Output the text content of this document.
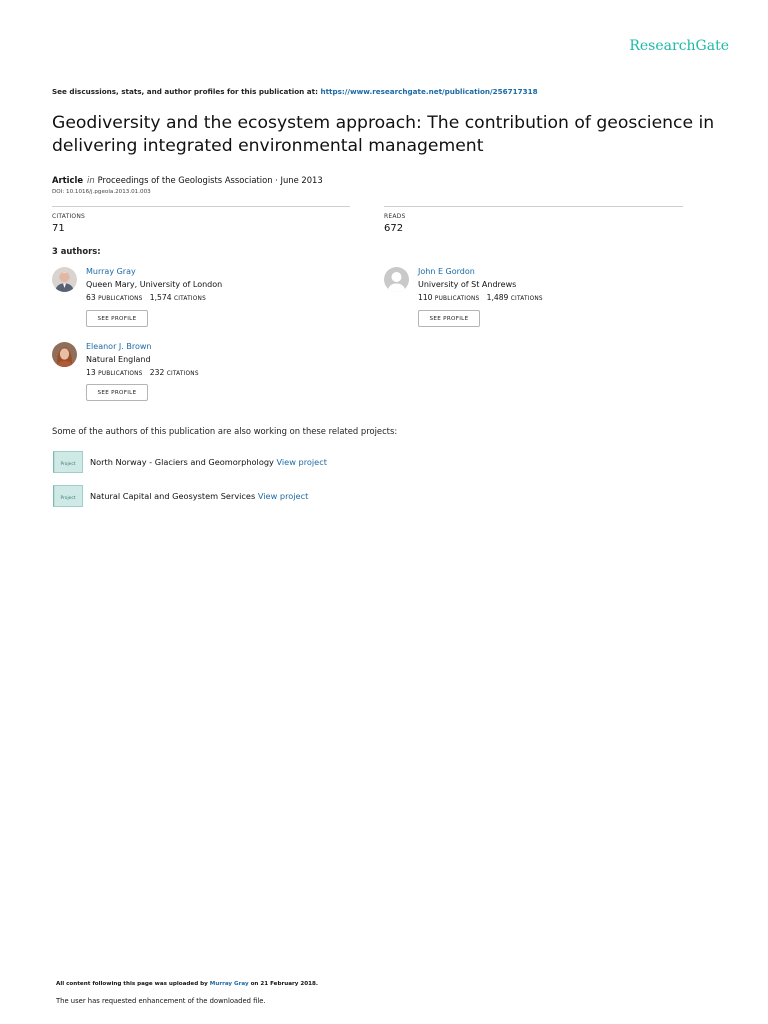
ResearchGate
See discussions, stats, and author profiles for this publication at: https://www.researchgate.net/publication/256717318
Geodiversity and the ecosystem approach: The contribution of geoscience in delivering integrated environmental management
Article in Proceedings of the Geologists Association · June 2013
DOI: 10.1016/j.pgeola.2013.01.003
CITATIONS
71
READS
672
3 authors:
Murray Gray
Queen Mary, University of London
63 PUBLICATIONS 1,574 CITATIONS
SEE PROFILE
John E Gordon
University of St Andrews
110 PUBLICATIONS 1,489 CITATIONS
SEE PROFILE
Eleanor J. Brown
Natural England
13 PUBLICATIONS 232 CITATIONS
SEE PROFILE
Some of the authors of this publication are also working on these related projects:
Project North Norway - Glaciers and Geomorphology View project
Project Natural Capital and Geosystem Services View project
All content following this page was uploaded by Murray Gray on 21 February 2018.
The user has requested enhancement of the downloaded file.
